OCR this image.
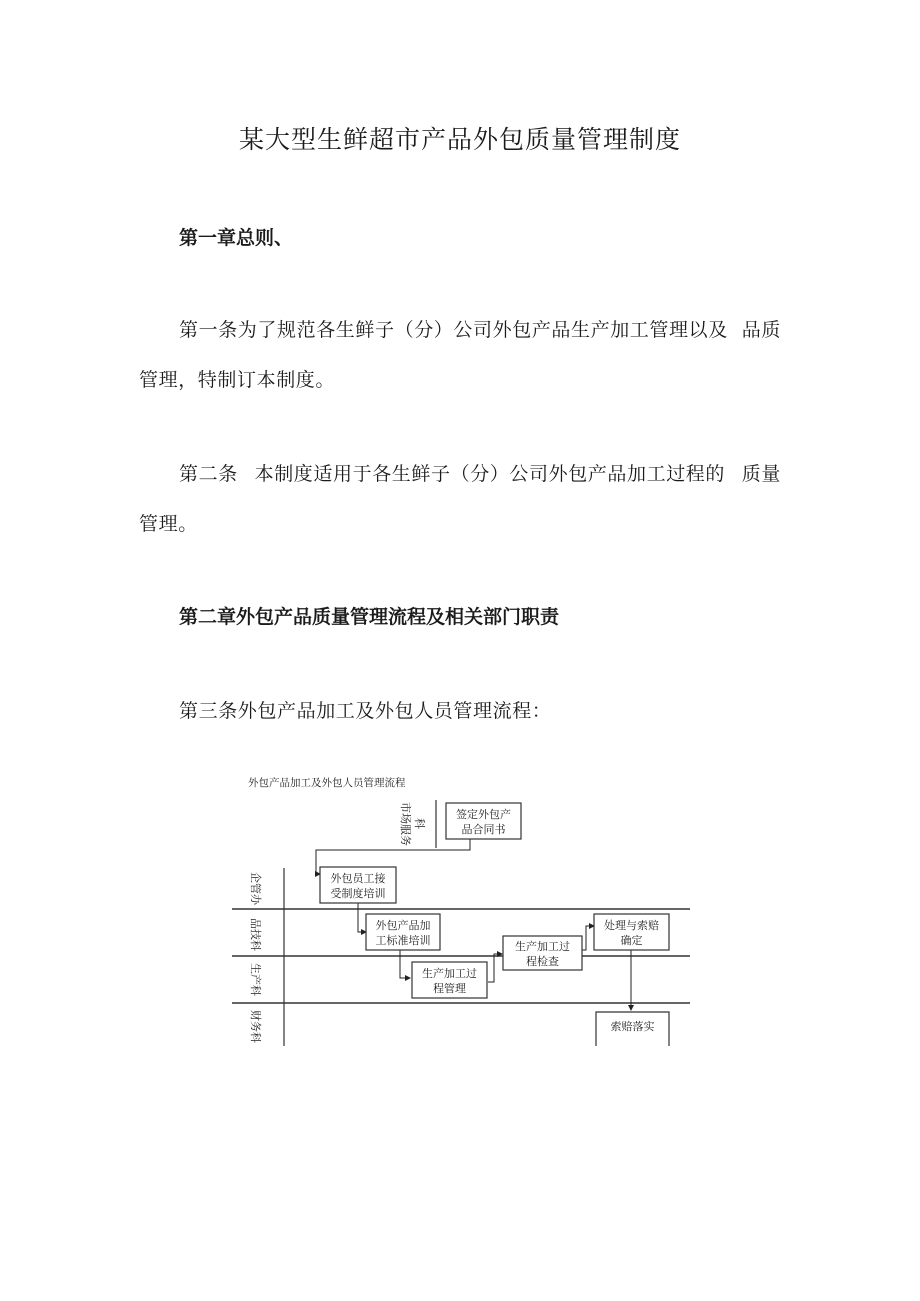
某大型生鲜超市产品外包质量管理制度
第一章总则、
第一条为了规范各生鲜子（分）公司外包产品生产加工管理以及 品质
管理，特制订本制度。
第二条 本制度适用于各生鲜子（分）公司外包产品加工过程的 质量
管理。
第二章外包产品质量管理流程及相关部门职责
第三条外包产品加工及外包人员管理流程：
外包产品加工及外包人员管理流程
市场服务 科
企管办
品技科
生产科
财务科
签定外包产
品合同书
外包员工接
受制度培训
外包产品加
工标准培训
生产加工过
程管理
生产加工过
程检查
处理与索赔
确定
索赔落实
